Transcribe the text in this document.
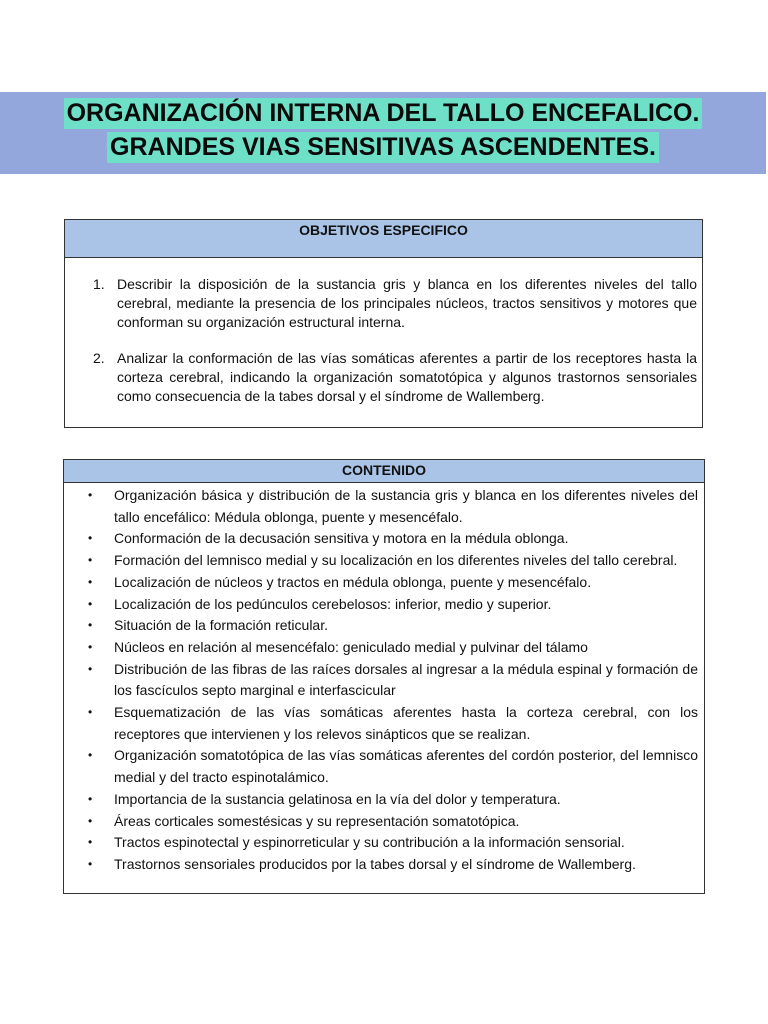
ORGANIZACIÓN INTERNA DEL TALLO ENCEFALICO.
GRANDES VIAS SENSITIVAS ASCENDENTES.
OBJETIVOS ESPECIFICO
1. Describir la disposición de la sustancia gris y blanca en los diferentes niveles del tallo cerebral, mediante la presencia de los principales núcleos, tractos sensitivos y motores que conforman su organización estructural interna.
2. Analizar la conformación de las vías somáticas aferentes a partir de los receptores hasta la corteza cerebral, indicando la organización somatotópica y algunos trastornos sensoriales como consecuencia de la tabes dorsal y el síndrome de Wallemberg.
CONTENIDO
• Organización básica y distribución de la sustancia gris y blanca en los diferentes niveles del tallo encefálico: Médula oblonga, puente y mesencéfalo.
• Conformación de la decusación sensitiva y motora en la médula oblonga.
• Formación del lemnisco medial y su localización en los diferentes niveles del tallo cerebral.
• Localización de núcleos y tractos en médula oblonga, puente y mesencéfalo.
• Localización de los pedúnculos cerebelosos: inferior, medio y superior.
• Situación de la formación reticular.
• Núcleos en relación al mesencéfalo: geniculado medial y pulvinar del tálamo
• Distribución de las fibras de las raíces dorsales al ingresar a la médula espinal y formación de los fascículos septo marginal e interfascicular
• Esquematización de las vías somáticas aferentes hasta la corteza cerebral, con los receptores que intervienen y los relevos sinápticos que se realizan.
• Organización somatotópica de las vías somáticas aferentes del cordón posterior, del lemnisco medial y del tracto espinotalámico.
• Importancia de la sustancia gelatinosa en la vía del dolor y temperatura.
• Áreas corticales somestésicas y su representación somatotópica.
• Tractos espinotectal y espinorreticular y su contribución a la información sensorial.
• Trastornos sensoriales producidos por la tabes dorsal y el síndrome de Wallemberg.
